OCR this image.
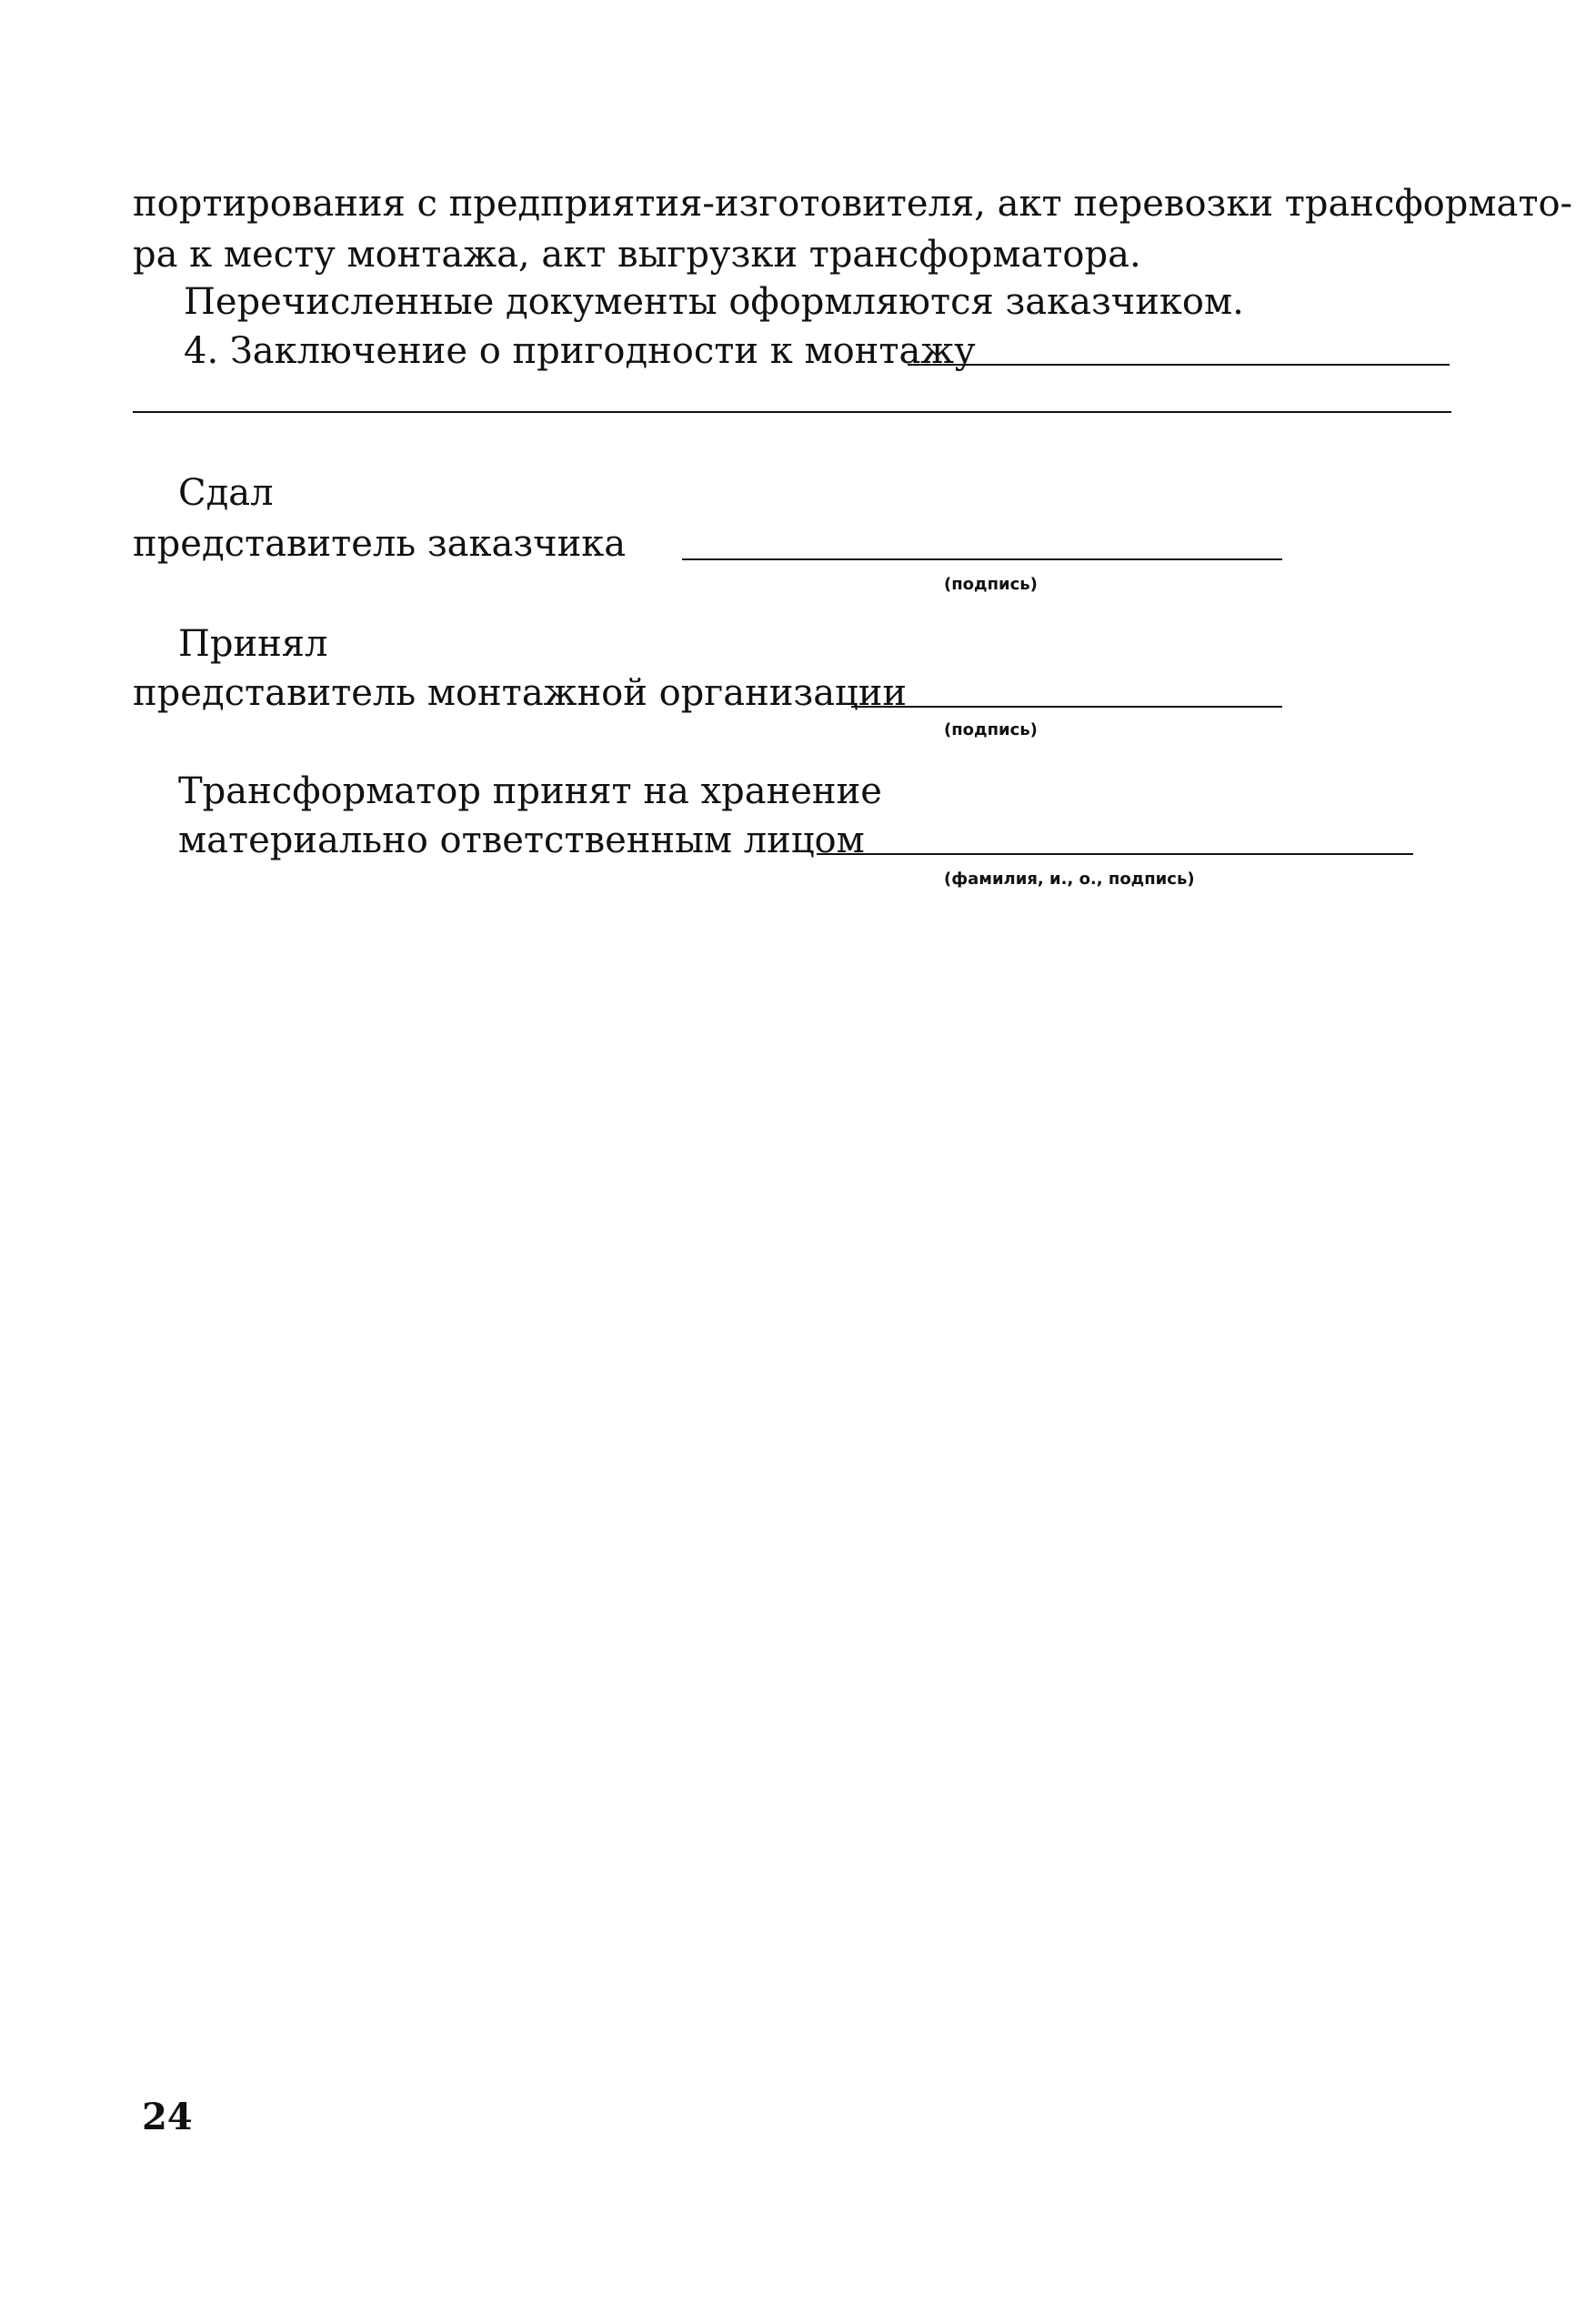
портирования с предприятия-изготовителя, акт перевозки трансформато-
ра к месту монтажа, акт выгрузки трансформатора.
Перечисленные документы оформляются заказчиком.
4. Заключение о пригодности к монтажу
Сдал
представитель заказчика
(подпись)
Принял
представитель монтажной организации
(подпись)
Трансформатор принят на хранение
материально ответственным лицом
(фамилия, и., о., подпись)
24
